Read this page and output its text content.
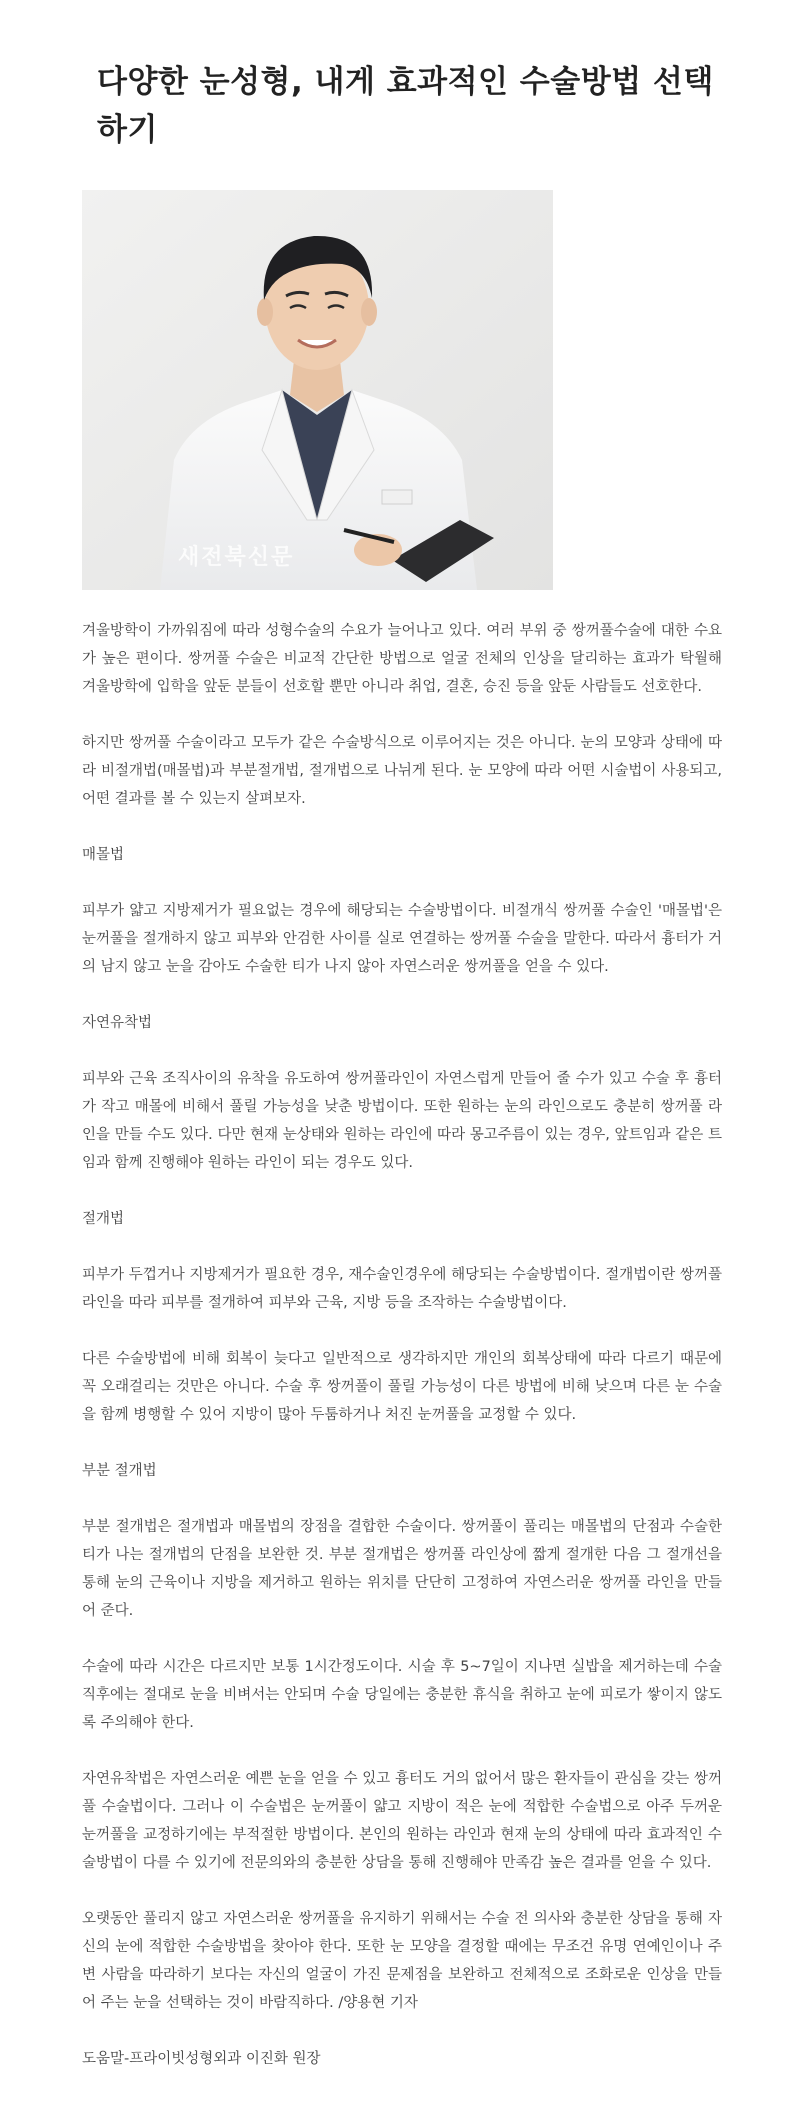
다양한 눈성형, 내게 효과적인 수술방법 선택하기
새전북신문

겨울방학이 가까워짐에 따라 성형수술의 수요가 늘어나고 있다. 여러 부위 중 쌍꺼풀수술에 대한 수요가 높은 편이다. 쌍꺼풀 수술은 비교적 간단한 방법으로 얼굴 전체의 인상을 달리하는 효과가 탁월해 겨울방학에 입학을 앞둔 분들이 선호할 뿐만 아니라 취업, 결혼, 승진 등을 앞둔 사람들도 선호한다.

하지만 쌍꺼풀 수술이라고 모두가 같은 수술방식으로 이루어지는 것은 아니다. 눈의 모양과 상태에 따라 비절개법(매몰법)과 부분절개법, 절개법으로 나뉘게 된다. 눈 모양에 따라 어떤 시술법이 사용되고, 어떤 결과를 볼 수 있는지 살펴보자.

매몰법

피부가 얇고 지방제거가 필요없는 경우에 해당되는 수술방법이다. 비절개식 쌍꺼풀 수술인 '매몰법'은 눈꺼풀을 절개하지 않고 피부와 안검한 사이를 실로 연결하는 쌍꺼풀 수술을 말한다. 따라서 흉터가 거의 남지 않고 눈을 감아도 수술한 티가 나지 않아 자연스러운 쌍꺼풀을 얻을 수 있다.

자연유착법

피부와 근육 조직사이의 유착을 유도하여 쌍꺼풀라인이 자연스럽게 만들어 줄 수가 있고 수술 후 흉터가 작고 매몰에 비해서 풀릴 가능성을 낮춘 방법이다. 또한 원하는 눈의 라인으로도 충분히 쌍꺼풀 라인을 만들 수도 있다. 다만 현재 눈상태와 원하는 라인에 따라 몽고주름이 있는 경우, 앞트임과 같은 트임과 함께 진행해야 원하는 라인이 되는 경우도 있다.

절개법

피부가 두껍거나 지방제거가 필요한 경우, 재수술인경우에 해당되는 수술방법이다. 절개법이란 쌍꺼풀 라인을 따라 피부를 절개하여 피부와 근육, 지방 등을 조작하는 수술방법이다.

다른 수술방법에 비해 회복이 늦다고 일반적으로 생각하지만 개인의 회복상태에 따라 다르기 때문에 꼭 오래걸리는 것만은 아니다. 수술 후 쌍꺼풀이 풀릴 가능성이 다른 방법에 비해 낮으며 다른 눈 수술을 함께 병행할 수 있어 지방이 많아 두툼하거나 처진 눈꺼풀을 교정할 수 있다.

부분 절개법

부분 절개법은 절개법과 매몰법의 장점을 결합한 수술이다. 쌍꺼풀이 풀리는 매몰법의 단점과 수술한 티가 나는 절개법의 단점을 보완한 것. 부분 절개법은 쌍꺼풀 라인상에 짧게 절개한 다음 그 절개선을 통해 눈의 근육이나 지방을 제거하고 원하는 위치를 단단히 고정하여 자연스러운 쌍꺼풀 라인을 만들어 준다.

수술에 따라 시간은 다르지만 보통 1시간정도이다. 시술 후 5~7일이 지나면 실밥을 제거하는데 수술 직후에는 절대로 눈을 비벼서는 안되며 수술 당일에는 충분한 휴식을 취하고 눈에 피로가 쌓이지 않도록 주의해야 한다.

자연유착법은 자연스러운 예쁜 눈을 얻을 수 있고 흉터도 거의 없어서 많은 환자들이 관심을 갖는 쌍꺼풀 수술법이다. 그러나 이 수술법은 눈꺼풀이 얇고 지방이 적은 눈에 적합한 수술법으로 아주 두꺼운 눈꺼풀을 교정하기에는 부적절한 방법이다. 본인의 원하는 라인과 현재 눈의 상태에 따라 효과적인 수술방법이 다를 수 있기에 전문의와의 충분한 상담을 통해 진행해야 만족감 높은 결과를 얻을 수 있다.

오랫동안 풀리지 않고 자연스러운 쌍꺼풀을 유지하기 위해서는 수술 전 의사와 충분한 상담을 통해 자신의 눈에 적합한 수술방법을 찾아야 한다. 또한 눈 모양을 결정할 때에는 무조건 유명 연예인이나 주변 사람을 따라하기 보다는 자신의 얼굴이 가진 문제점을 보완하고 전체적으로 조화로운 인상을 만들어 주는 눈을 선택하는 것이 바람직하다. /양용현 기자

도움말-프라이빗성형외과 이진화 원장
